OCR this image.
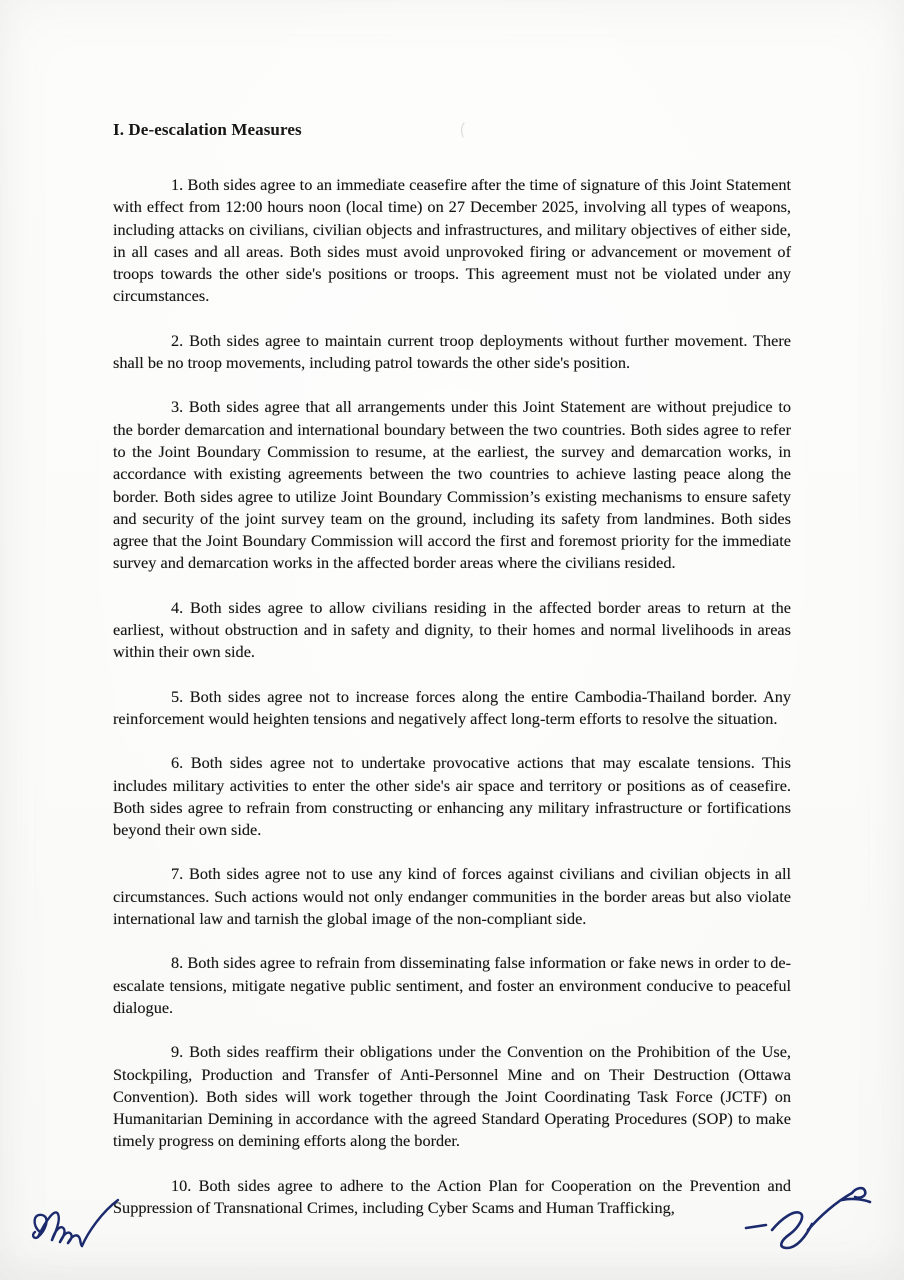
I. De-escalation Measures

1. Both sides agree to an immediate ceasefire after the time of signature of this Joint Statement with effect from 12:00 hours noon (local time) on 27 December 2025, involving all types of weapons, including attacks on civilians, civilian objects and infrastructures, and military objectives of either side, in all cases and all areas. Both sides must avoid unprovoked firing or advancement or movement of troops towards the other side's positions or troops. This agreement must not be violated under any circumstances.

2. Both sides agree to maintain current troop deployments without further movement. There shall be no troop movements, including patrol towards the other side's position.

3. Both sides agree that all arrangements under this Joint Statement are without prejudice to the border demarcation and international boundary between the two countries. Both sides agree to refer to the Joint Boundary Commission to resume, at the earliest, the survey and demarcation works, in accordance with existing agreements between the two countries to achieve lasting peace along the border. Both sides agree to utilize Joint Boundary Commission’s existing mechanisms to ensure safety and security of the joint survey team on the ground, including its safety from landmines. Both sides agree that the Joint Boundary Commission will accord the first and foremost priority for the immediate survey and demarcation works in the affected border areas where the civilians resided.

4. Both sides agree to allow civilians residing in the affected border areas to return at the earliest, without obstruction and in safety and dignity, to their homes and normal livelihoods in areas within their own side.

5. Both sides agree not to increase forces along the entire Cambodia-Thailand border. Any reinforcement would heighten tensions and negatively affect long-term efforts to resolve the situation.

6. Both sides agree not to undertake provocative actions that may escalate tensions. This includes military activities to enter the other side's air space and territory or positions as of ceasefire. Both sides agree to refrain from constructing or enhancing any military infrastructure or fortifications beyond their own side.

7. Both sides agree not to use any kind of forces against civilians and civilian objects in all circumstances. Such actions would not only endanger communities in the border areas but also violate international law and tarnish the global image of the non-compliant side.

8. Both sides agree to refrain from disseminating false information or fake news in order to de-escalate tensions, mitigate negative public sentiment, and foster an environment conducive to peaceful dialogue.

9. Both sides reaffirm their obligations under the Convention on the Prohibition of the Use, Stockpiling, Production and Transfer of Anti-Personnel Mine and on Their Destruction (Ottawa Convention). Both sides will work together through the Joint Coordinating Task Force (JCTF) on Humanitarian Demining in accordance with the agreed Standard Operating Procedures (SOP) to make timely progress on demining efforts along the border.

10. Both sides agree to adhere to the Action Plan for Cooperation on the Prevention and Suppression of Transnational Crimes, including Cyber Scams and Human Trafficking,
